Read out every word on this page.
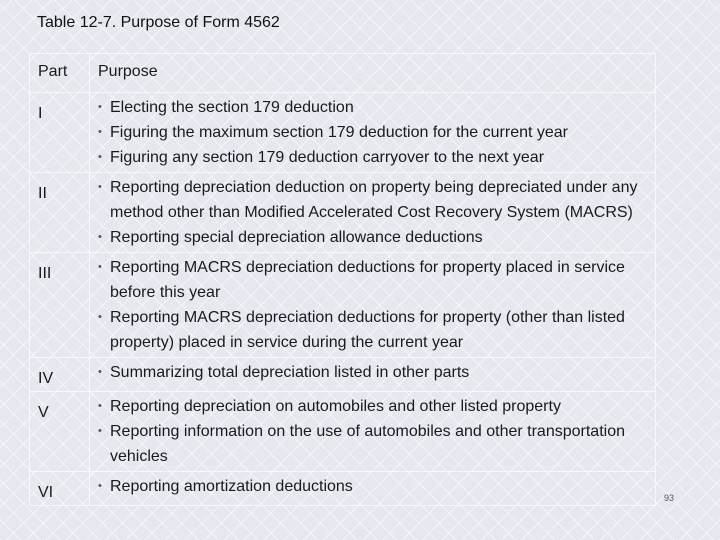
Table 12-7. Purpose of Form 4562
Part	Purpose
I	• Electing the section 179 deduction
• Figuring the maximum section 179 deduction for the current year
• Figuring any section 179 deduction carryover to the next year
II	• Reporting depreciation deduction on property being depreciated under any method other than Modified Accelerated Cost Recovery System (MACRS)
• Reporting special depreciation allowance deductions
III	• Reporting MACRS depreciation deductions for property placed in service before this year
• Reporting MACRS depreciation deductions for property (other than listed property) placed in service during the current year
IV	• Summarizing total depreciation listed in other parts
V	• Reporting depreciation on automobiles and other listed property
• Reporting information on the use of automobiles and other transportation vehicles
VI	• Reporting amortization deductions
93
